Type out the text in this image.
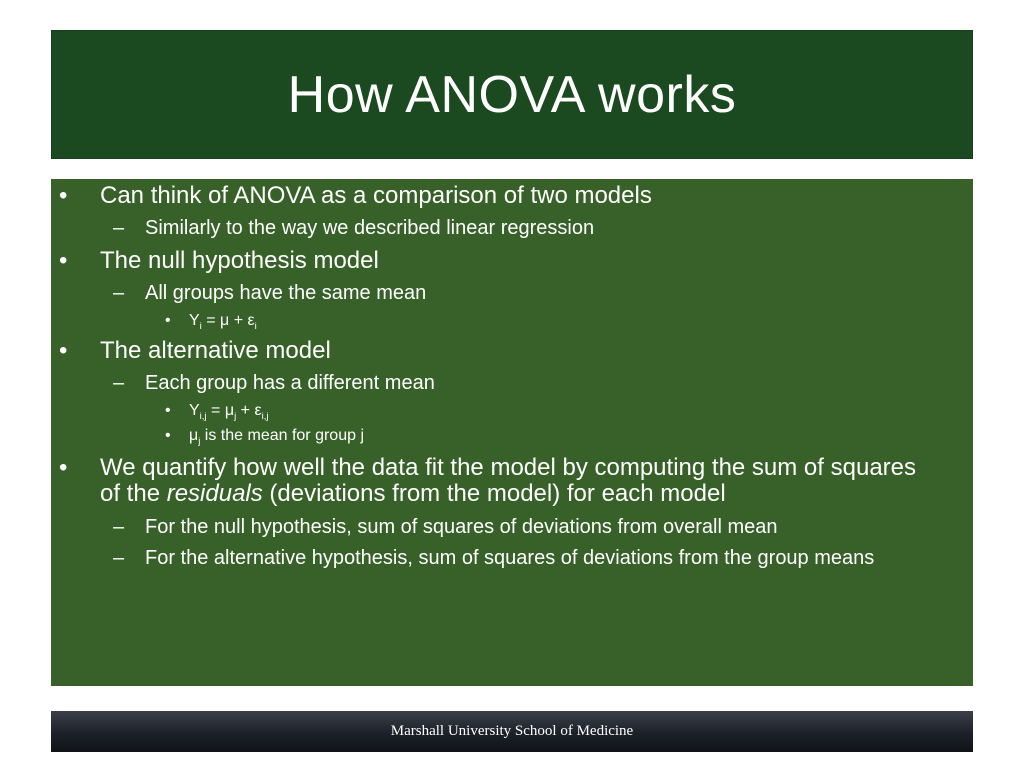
How ANOVA works
• Can think of ANOVA as a comparison of two models
– Similarly to the way we described linear regression
• The null hypothesis model
– All groups have the same mean
• $Y_i = \mu + \varepsilon_i$
• The alternative model
– Each group has a different mean
• $Y_{i,j} = \mu_j + \varepsilon_{i,j}$
• $\mu_j$ is the mean for group j
• We quantify how well the data fit the model by computing the sum of squares of the residuals (deviations from the model) for each model
– For the null hypothesis, sum of squares of deviations from overall mean
– For the alternative hypothesis, sum of squares of deviations from the group means
Marshall University School of Medicine
